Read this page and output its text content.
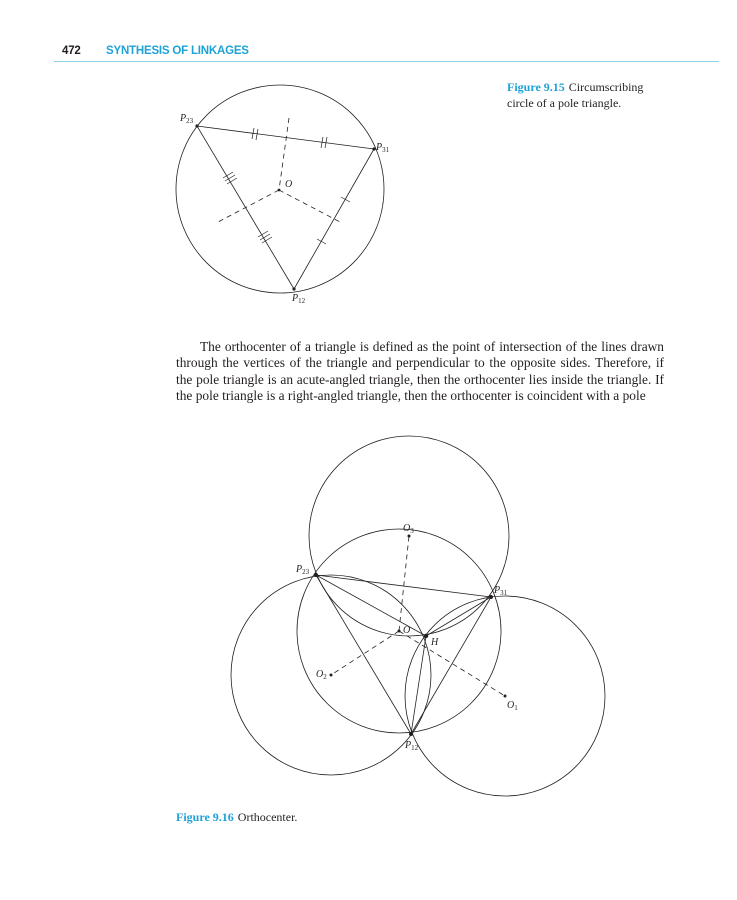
472 SYNTHESIS OF LINKAGES
Figure 9.15 Circumscribing circle of a pole triangle.
$P_{23}$
$P_{31}$
$P_{12}$
O
The orthocenter of a triangle is defined as the point of intersection of the lines drawn through the vertices of the triangle and perpendicular to the opposite sides. Therefore, if the pole triangle is an acute-angled triangle, then the orthocenter lies inside the triangle. If the pole triangle is a right-angled triangle, then the orthocenter is coincident with a pole
$O_3$
$P_{23}$
$P_{31}$
O
H
$O_2$
$O_1$
$P_{12}$
Figure 9.16 Orthocenter.
